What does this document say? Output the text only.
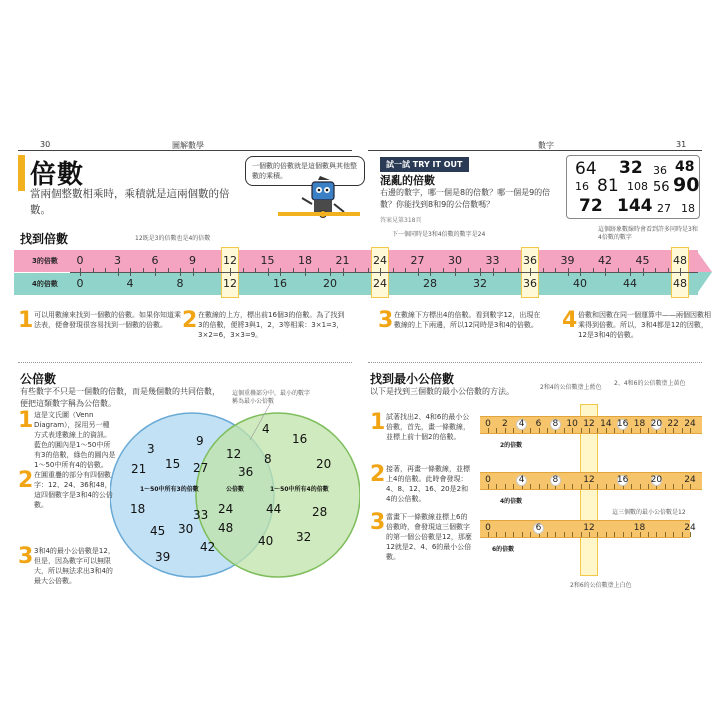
30	圖解數學	數字	31
倍數
當兩個整數相乘時，乘積就是這兩個數的倍數。
一個數的倍數就是這個數與其他整數的乘積。
試一試 TRY IT OUT
混亂的倍數
右邊的數字，哪一個是8的倍數？哪一個是9的倍數？你能找到8和9的公倍數嗎？
答案見第318頁
64 32 36 48
16 81 108 56 90
72 144 27 18
找到倍數	12既是3的倍數也是4的倍數
下一個同時是3和4倍數的數字是24
這個跡象數線時會看到許多同時是3和4倍數的數字
3的倍數
4的倍數
0	3	6	9	12 15 18 21 24 27 30 33 36 39 42 45 48
0	4	8	12	16	20	24	28	32	36	40	44	48
1 可以用數線來找到一個數的倍數。如果你知道乘法表，便會發現很容易找到一個數的倍數。 2 在數線的上方，標出前16個3的倍數。為了找到3的倍數，便將3與1，2，3等相乘：3×1=3，3×2=6，3×3=9。
3 在數線下方標出4的倍數。看到數字12，出現在數線的上下兩邊，所以12同時是3和4的倍數。 4 倍數和因數在同一個運算中——兩個因數相乘得到倍數。所以，3和4都是12的因數，12是3和4的倍數。
公倍數
有些數字不只是一個數的倍數，而是幾個數的共同倍數，便把這類數字稱為公倍數。
這個重疊部分中，最小的數字稱為最小公倍數
1～50中所有3的倍數	公倍數	1～50中所有4的倍數
3
9
15 27
21
18
45 30
33
39
42
12
36
24
48
4
16
8	20
44	28
32
40
1 這是文氏圖（Venn Diagram），採用另一種方式表達數線上的資訊。藍色的圓內是1～50中所有3的倍數，綠色的圓內是1～50中所有4的倍數。
2 在圓重疊的部分有四個數字：12、24、36和48，這四個數字是3和4的公倍數。
3 3和4的最小公倍數是12，但是，因為數字可以無限大，所以無法求出3和4的最大公倍數。
找到最小公倍數
以下是找到三個數的最小公倍數的方法。	2和4的公倍數塗上藍色
2、4和6的公倍數塗上黃色
這三個數的最小公倍數是12
2和6的公倍數塗上白色
0	2	4	6	8 10 12 14 16 18 20 22 24
2的倍數
0	4	8	12 16 20 24
4的倍數
0	6	12	18	24
6的倍數
1 試著找出2、4和6的最小公倍數，首先，畫一條數線，並標上前十個2的倍數。
2 接著，再畫一條數線，並標上4的倍數。此時會發現：4、8、12、16、20是2和4的公倍數。
3 當畫下一條數線並標上6的倍數時，會發現這三個數字的第一個公倍數是12，那麼12就是2、4、6的最小公倍數。
